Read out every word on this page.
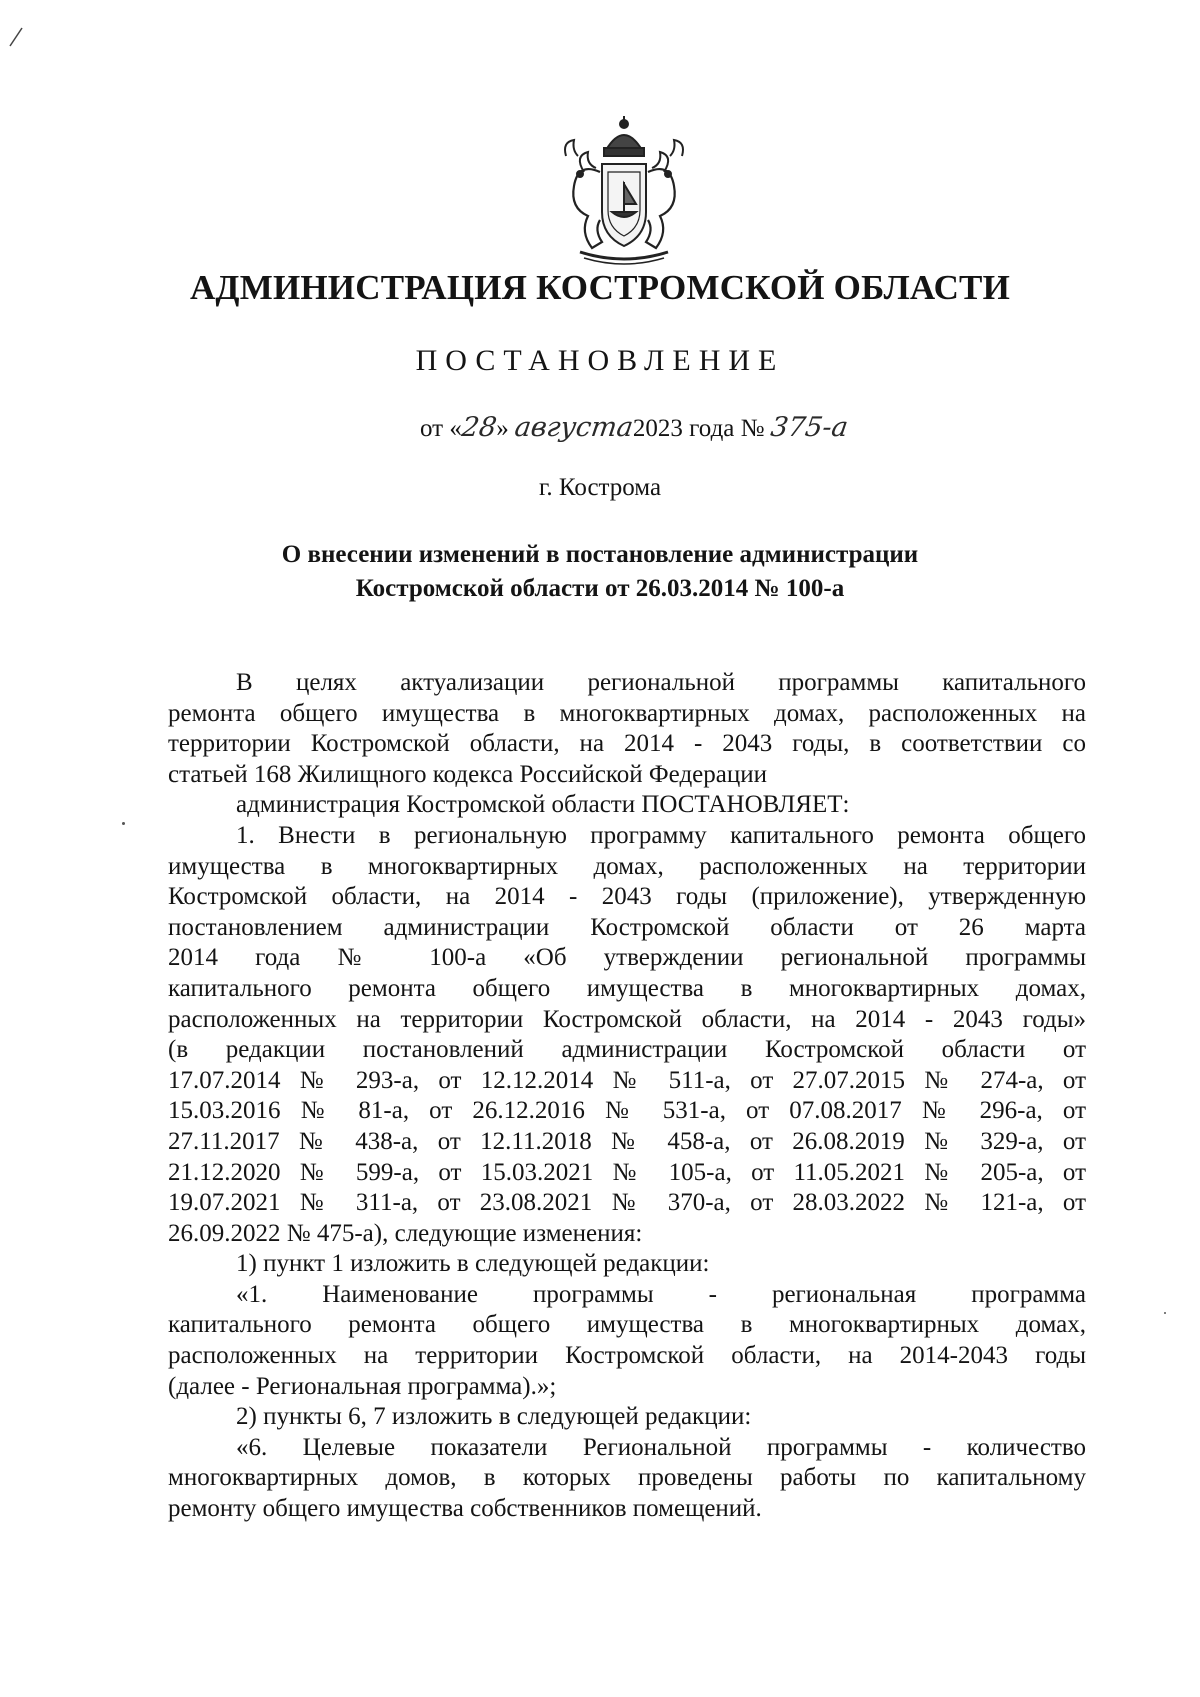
АДМИНИСТРАЦИЯ КОСТРОМСКОЙ ОБЛАСТИ
ПОСТАНОВЛЕНИЕ
от «28» августа2023 года № 375-а
г. Кострома
О внесении изменений в постановление администрации
Костромской области от 26.03.2014 № 100-а

В целях актуализации региональной программы капитального

ремонта общего имущества в многоквартирных домах, расположенных на

территории Костромской области, на 2014 - 2043 годы, в соответствии со

статьей 168 Жилищного кодекса Российской Федерации

администрация Костромской области ПОСТАНОВЛЯЕТ:

1. Внести в региональную программу капитального ремонта общего

имущества в многоквартирных домах, расположенных на территории

Костромской области, на 2014 - 2043 годы (приложение), утвержденную

постановлением администрации Костромской области от 26 марта

2014 года № 100-а «Об утверждении региональной программы

капитального ремонта общего имущества в многоквартирных домах,

расположенных на территории Костромской области, на 2014 - 2043 годы»

(в редакции постановлений администрации Костромской области от

17.07.2014 № 293-а, от 12.12.2014 № 511-а, от 27.07.2015 № 274-а, от

15.03.2016 № 81-а, от 26.12.2016 № 531-а, от 07.08.2017 № 296-а, от

27.11.2017 № 438-а, от 12.11.2018 № 458-а, от 26.08.2019 № 329-а, от

21.12.2020 № 599-а, от 15.03.2021 № 105-а, от 11.05.2021 № 205-а, от

19.07.2021 № 311-а, от 23.08.2021 № 370-а, от 28.03.2022 № 121-а, от

26.09.2022 № 475-а), следующие изменения:

1) пункт 1 изложить в следующей редакции:

«1. Наименование программы - региональная программа

капитального ремонта общего имущества в многоквартирных домах,

расположенных на территории Костромской области, на 2014-2043 годы

(далее - Региональная программа).»;

2) пункты 6, 7 изложить в следующей редакции:

«6. Целевые показатели Региональной программы - количество

многоквартирных домов, в которых проведены работы по капитальному

ремонту общего имущества собственников помещений.
